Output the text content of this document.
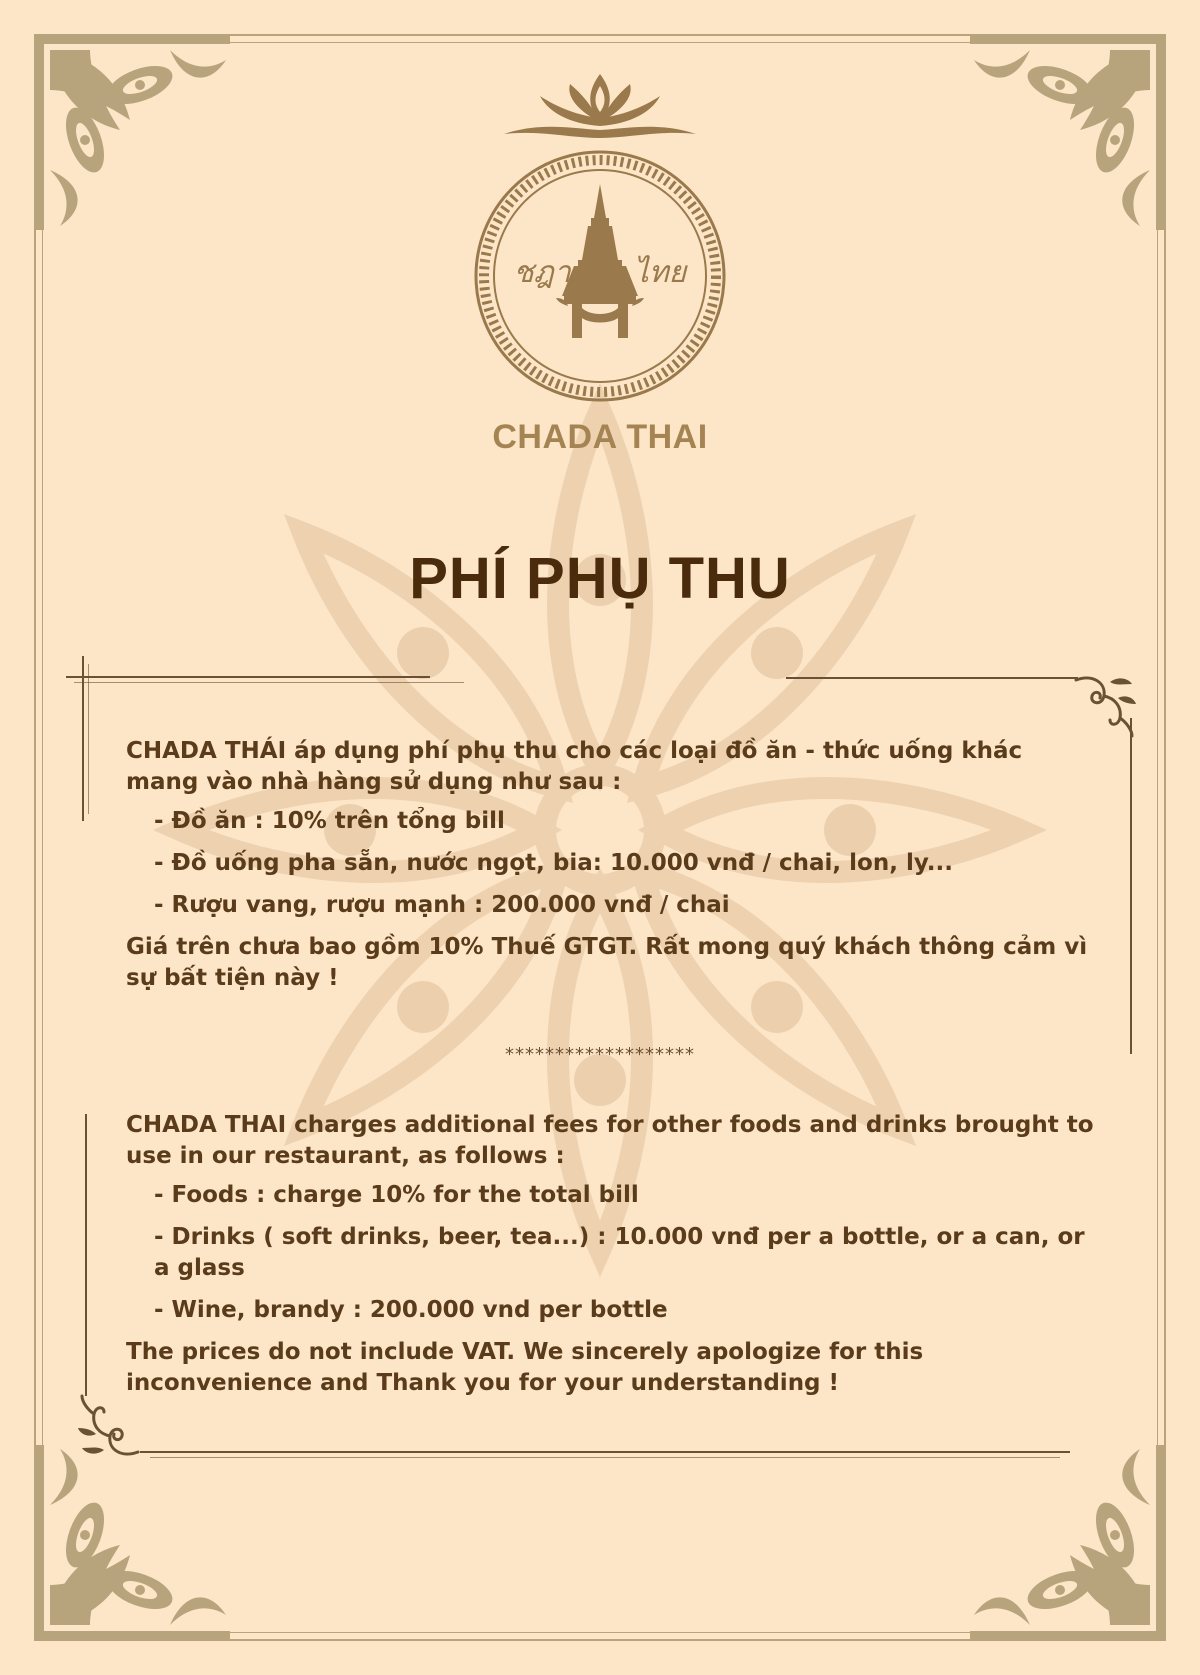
ชฎา ไทย
CHADA THAI
PHÍ PHỤ THU

CHADA THÁI áp dụng phí phụ thu cho các loại đồ ăn - thức uống khác mang vào nhà hàng sử dụng như sau :

- Đồ ăn : 10% trên tổng bill
- Đồ uống pha sẵn, nước ngọt, bia: 10.000 vnđ / chai, lon, ly...
- Rượu vang, rượu mạnh : 200.000 vnđ / chai

Giá trên chưa bao gồm 10% Thuế GTGT. Rất mong quý khách thông cảm vì sự bất tiện này !

*******************

CHADA THAI charges additional fees for other foods and drinks brought to use in our restaurant, as follows :

- Foods : charge 10% for the total bill
- Drinks ( soft drinks, beer, tea...) : 10.000 vnđ per a bottle, or a can, or a glass
- Wine, brandy : 200.000 vnd per bottle

The prices do not include VAT. We sincerely apologize for this inconvenience and Thank you for your understanding !
